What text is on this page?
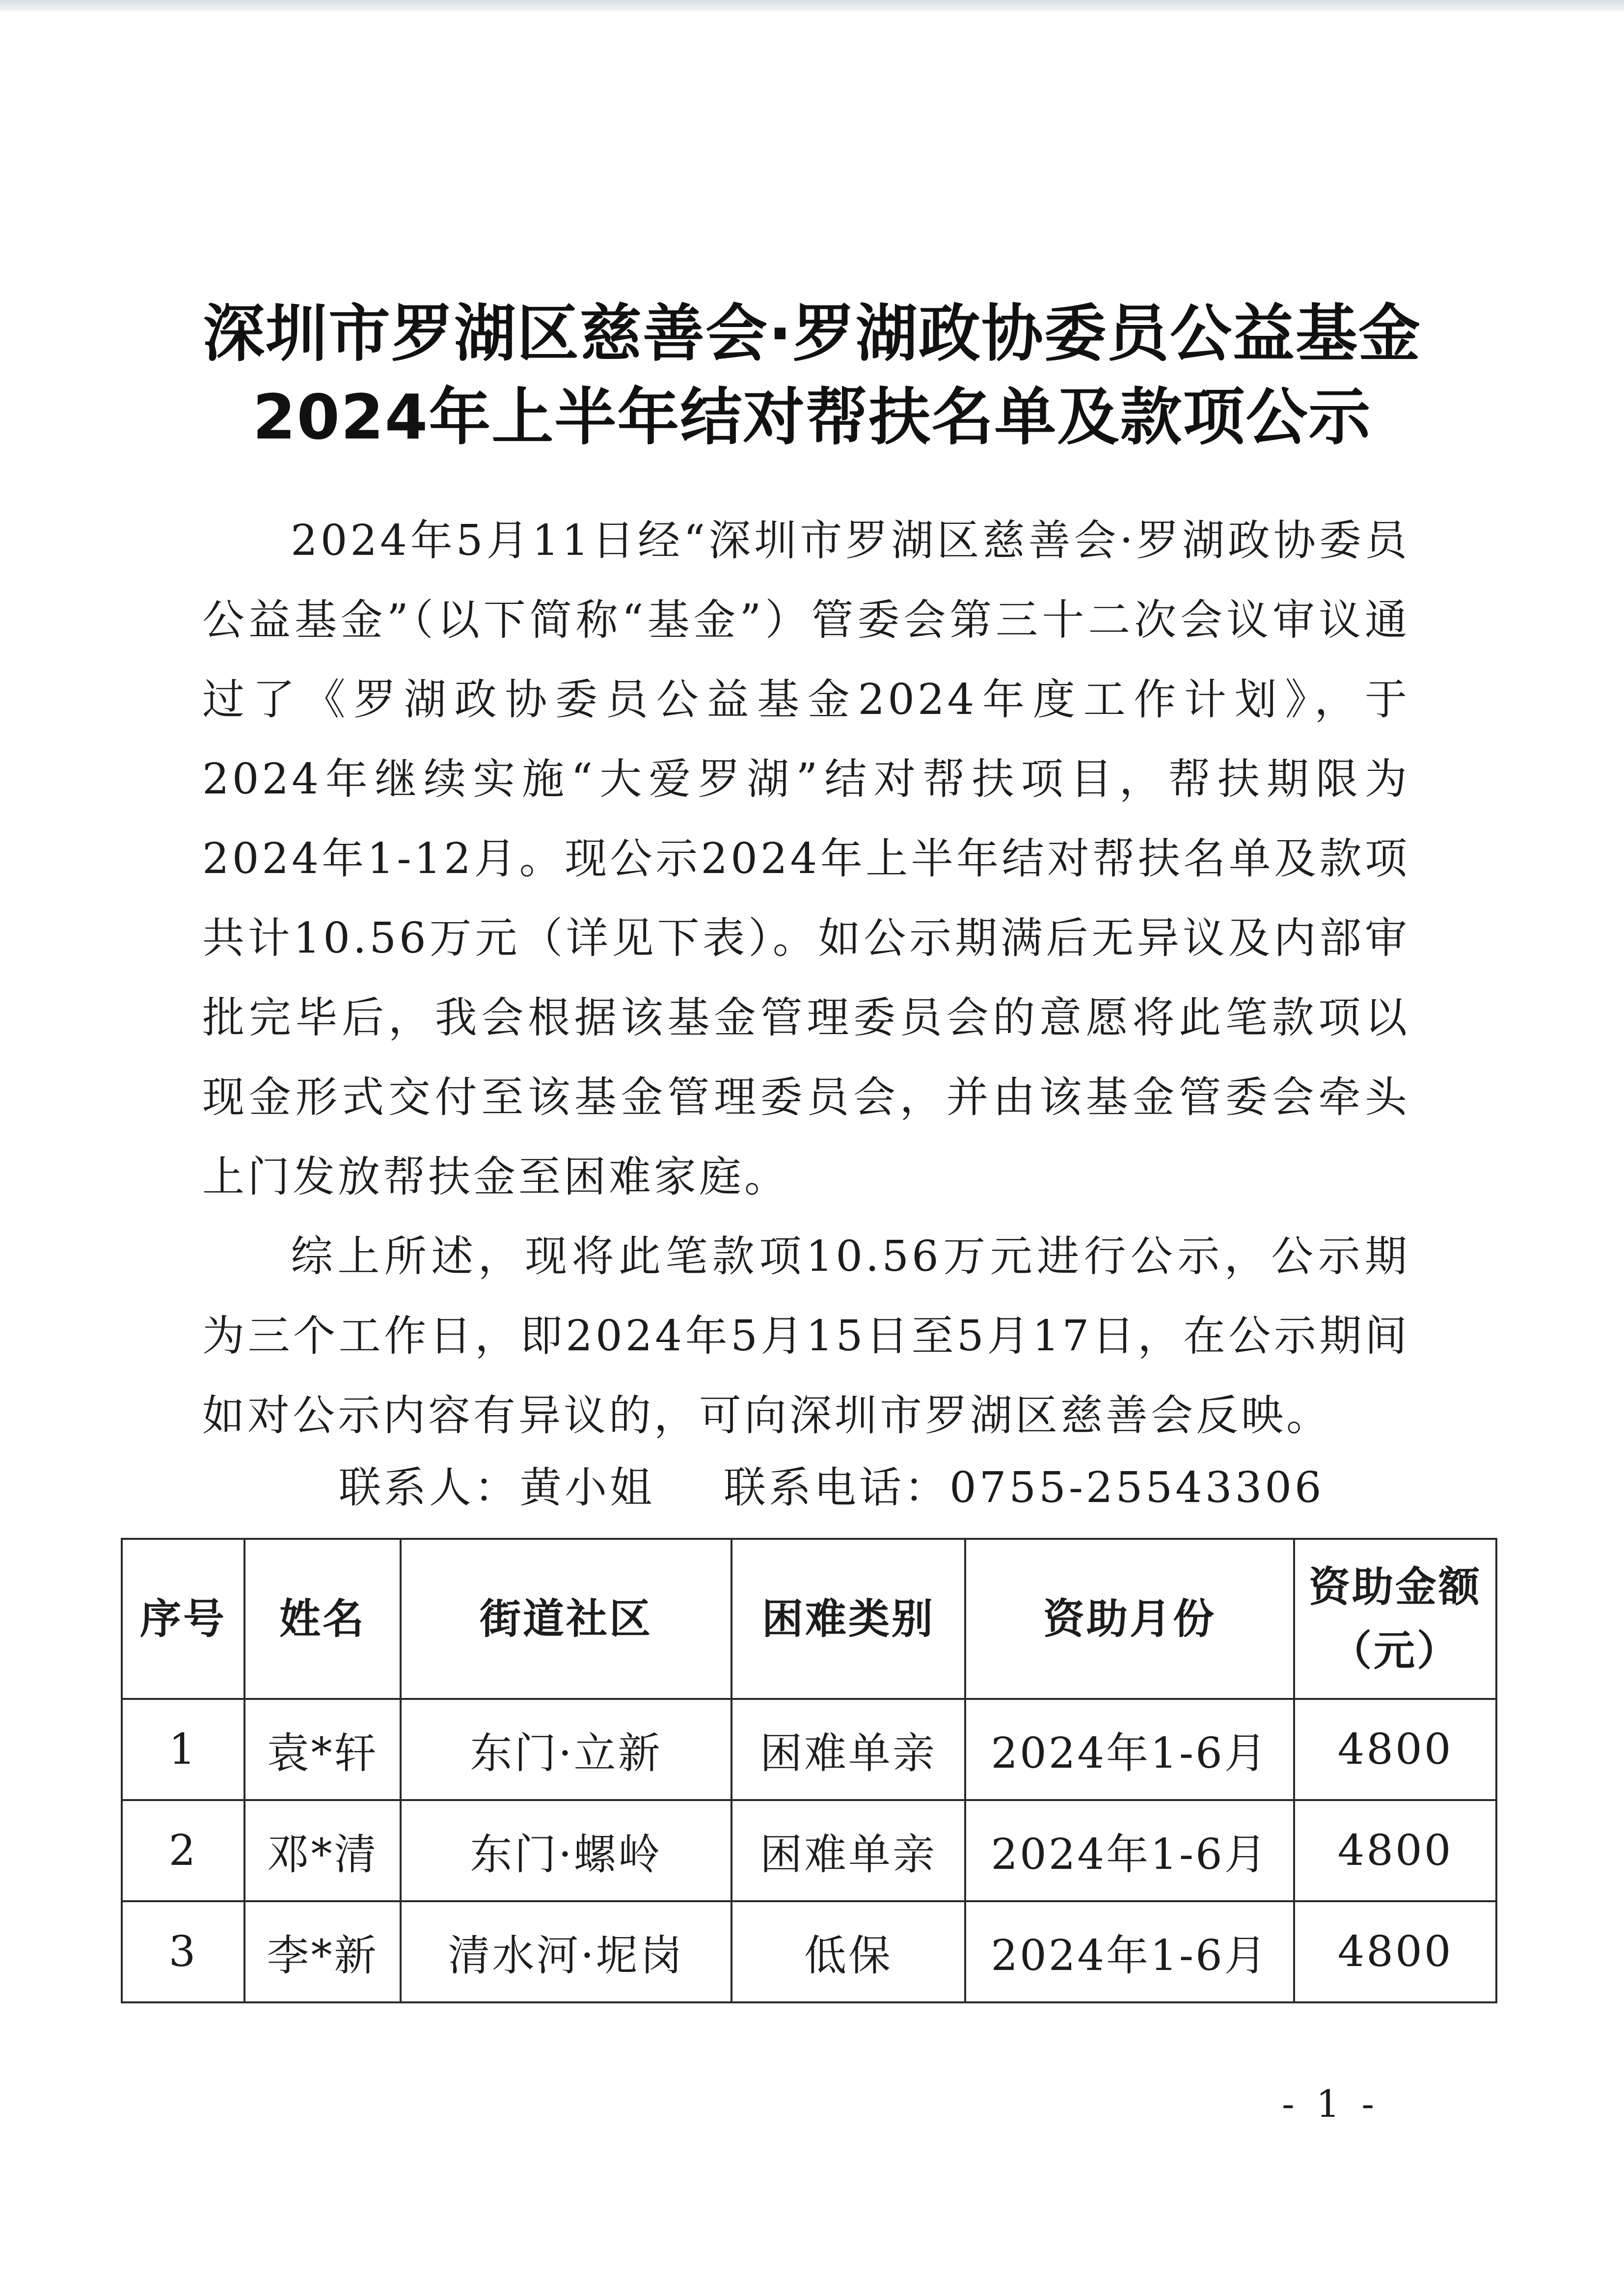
深圳市罗湖区慈善会·罗湖政协委员公益基金
2024年上半年结对帮扶名单及款项公示

2024年5月11日经“深圳市罗湖区慈善会·罗湖政协委员公益基金”（以下简称“基金”）管委会第三十二次会议审议通过了《罗湖政协委员公益基金2024年度工作计划》，于2024年继续实施“大爱罗湖”结对帮扶项目，帮扶期限为2024年1-12月。现公示2024年上半年结对帮扶名单及款项共计10.56万元（详见下表）。如公示期满后无异议及内部审批完毕后，我会根据该基金管理委员会的意愿将此笔款项以现金形式交付至该基金管理委员会，并由该基金管委会牵头上门发放帮扶金至困难家庭。

综上所述，现将此笔款项10.56万元进行公示，公示期为三个工作日，即2024年5月15日至5月17日，在公示期间如对公示内容有异议的，可向深圳市罗湖区慈善会反映。

联系人：黄小姐 联系电话：0755-25543306
序号	姓名	街道社区	困难类别	资助月份	资助金额（元）
1	袁*轩	东门·立新	困难单亲	2024年1-6月	4800
2	邓*清	东门·螺岭	困难单亲	2024年1-6月	4800
3	李*新	清水河·坭岗	低保	2024年1-6月	4800
- 1 -
